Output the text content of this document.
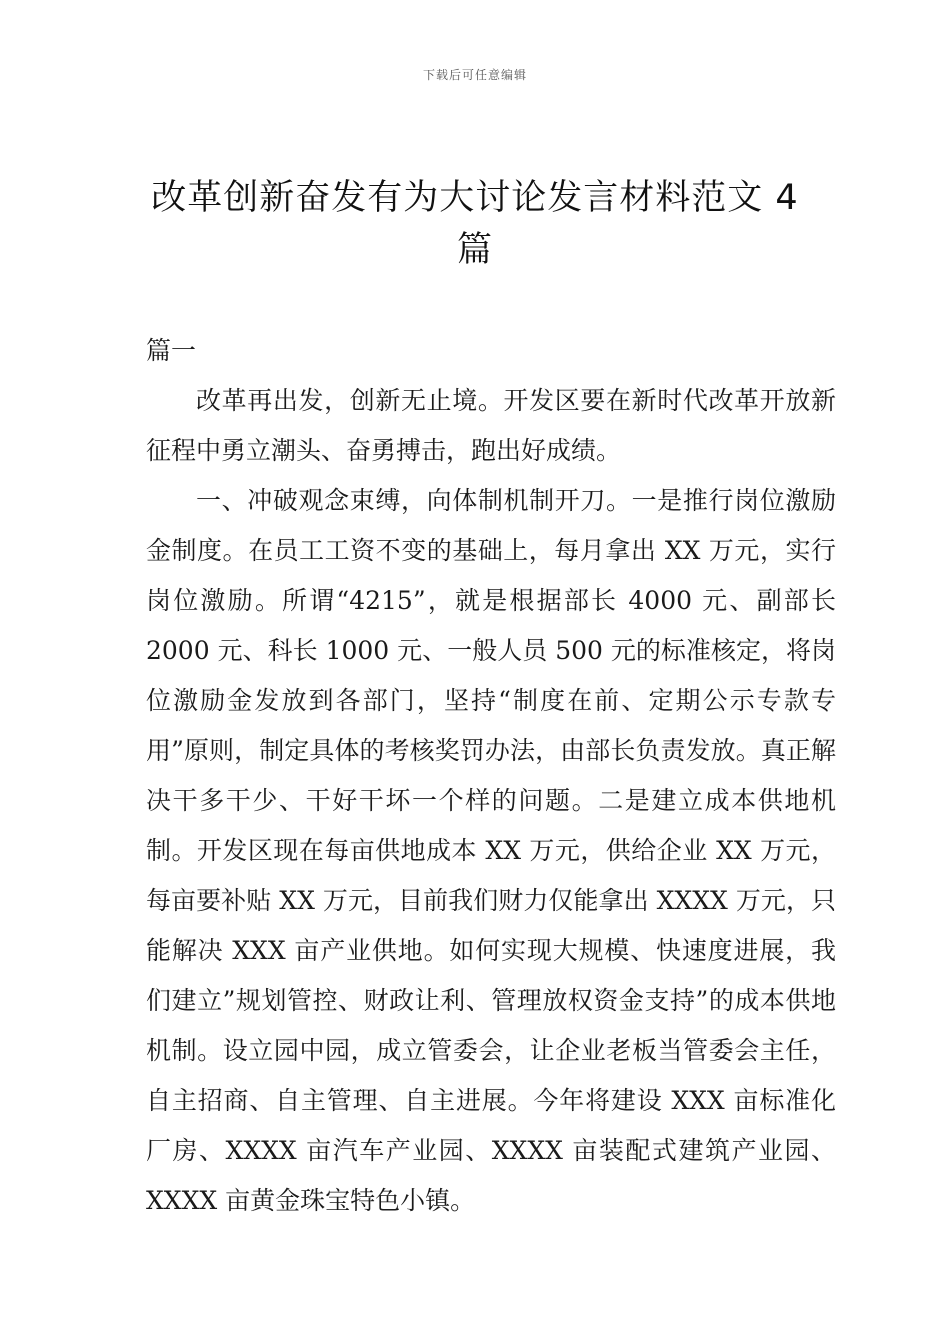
下载后可任意编辑
改革创新奋发有为大讨论发言材料范文 4 篇

篇一

改革再出发，创新无止境。开发区要在新时代改革开放新征程中勇立潮头、奋勇搏击，跑出好成绩。

一、冲破观念束缚，向体制机制开刀。一是推行岗位激励金制度。在员工工资不变的基础上，每月拿出 XX 万元，实行岗位激励。所谓“4215”，就是根据部长 4000 元、副部长 2000 元、科长 1000 元、一般人员 500 元的标准核定，将岗位激励金发放到各部门，坚持“制度在前、定期公示专款专用”原则，制定具体的考核奖罚办法，由部长负责发放。真正解决干多干少、干好干坏一个样的问题。二是建立成本供地机制。开发区现在每亩供地成本 XX 万元，供给企业 XX 万元，每亩要补贴 XX 万元，目前我们财力仅能拿出 XXXX 万元，只能解决 XXX 亩产业供地。如何实现大规模、快速度进展，我们建立”规划管控、财政让利、管理放权资金支持”的成本供地机制。设立园中园，成立管委会，让企业老板当管委会主任，自主招商、自主管理、自主进展。今年将建设 XXX 亩标准化厂房、XXXX 亩汽车产业园、XXXX 亩装配式建筑产业园、XXXX 亩黄金珠宝特色小镇。
